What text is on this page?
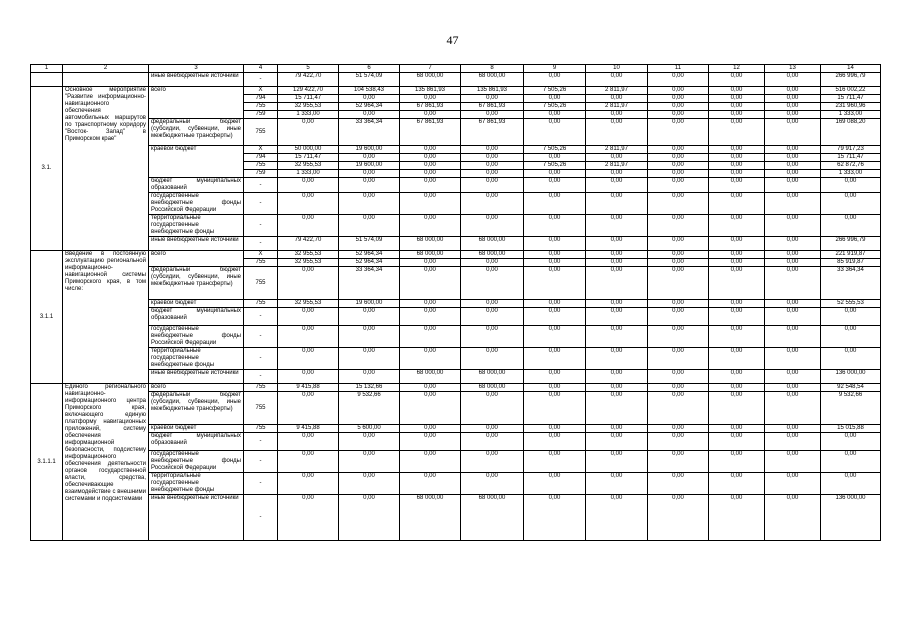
47
1	2	3	4	5	6	7	8	9	10	11	12	13	14
		иные внебюджетные источники	-	79 422,70	51 574,09	68 000,00	68 000,00	0,00	0,00	0,00	0,00	0,00	266 996,79
3.1.	Основное мероприятие "Развитие информационно-навигационного обеспечения автомобильных маршрутов по транспортному коридору "Восток- Запад" в Приморском крае"	всего	X	129 422,70	104 538,43	135 861,93	135 861,93	7 505,26	2 811,97	0,00	0,00	0,00	516 002,22
			794	15 711,47	0,00	0,00	0,00	0,00	0,00	0,00	0,00	0,00	15 711,47
			755	32 955,53	52 964,34	67 861,93	67 861,93	7 505,26	2 811,97	0,00	0,00	0,00	231 960,96
			759	1 333,00	0,00	0,00	0,00	0,00	0,00	0,00	0,00	0,00	1 333,00
		федеральный бюджет (субсидии, субвенции, иные межбюджетные трансферты)	755	0,00	33 364,34	67 861,93	67 861,93	0,00	0,00	0,00	0,00	0,00	169 088,20
		краевой бюджет	X	50 000,00	19 600,00	0,00	0,00	7 505,26	2 811,97	0,00	0,00	0,00	79 917,23
			794	15 711,47	0,00	0,00	0,00	0,00	0,00	0,00	0,00	0,00	15 711,47
			755	32 955,53	19 600,00	0,00	0,00	7 505,26	2 811,97	0,00	0,00	0,00	62 872,76
			759	1 333,00	0,00	0,00	0,00	0,00	0,00	0,00	0,00	0,00	1 333,00
		бюджет муниципальных образований	-	0,00	0,00	0,00	0,00	0,00	0,00	0,00	0,00	0,00	0,00
		государственные внебюджетные фонды Российской Федерации	-	0,00	0,00	0,00	0,00	0,00	0,00	0,00	0,00	0,00	0,00
		территориальные государственные внебюджетные фонды	-	0,00	0,00	0,00	0,00	0,00	0,00	0,00	0,00	0,00	0,00
		иные внебюджетные источники	-	79 422,70	51 574,09	68 000,00	68 000,00	0,00	0,00	0,00	0,00	0,00	266 996,79
3.1.1	Введение в постоянную эксплуатацию региональной информационно-навигационной системы Приморского края, в том числе:	всего	X	32 955,53	52 964,34	68 000,00	68 000,00	0,00	0,00	0,00	0,00	0,00	221 919,87
			755	32 955,53	52 964,34	0,00	0,00	0,00	0,00	0,00	0,00	0,00	85 919,87
		федеральный бюджет (субсидии, субвенции, иные межбюджетные трансферты)	755	0,00	33 364,34	0,00	0,00	0,00	0,00	0,00	0,00	0,00	33 364,34
		краевой бюджет	755	32 955,53	19 600,00	0,00	0,00	0,00	0,00	0,00	0,00	0,00	52 555,53
		бюджет муниципальных образований	-	0,00	0,00	0,00	0,00	0,00	0,00	0,00	0,00	0,00	0,00
		государственные внебюджетные фонды Российской Федерации	-	0,00	0,00	0,00	0,00	0,00	0,00	0,00	0,00	0,00	0,00
		территориальные государственные внебюджетные фонды	-	0,00	0,00	0,00	0,00	0,00	0,00	0,00	0,00	0,00	0,00
		иные внебюджетные источники	-	0,00	0,00	68 000,00	68 000,00	0,00	0,00	0,00	0,00	0,00	136 000,00
3.1.1.1	Единого регионального навигационно-информационного центра Приморского края, включающего единую платформу навигационных приложений, систему обеспечения информационной безопасности, подсистему информационного обеспечения деятельности органов государственной власти, средства, обеспечивающие взаимодействие с внешними системами и подсистемами	всего	755	9 415,88	15 132,66	0,00	68 000,00	0,00	0,00	0,00	0,00	0,00	92 548,54
		федеральный бюджет (субсидии, субвенции, иные межбюджетные трансферты)	755	0,00	9 532,66	0,00	0,00	0,00	0,00	0,00	0,00	0,00	9 532,66
		краевой бюджет	755	9 415,88	5 600,00	0,00	0,00	0,00	0,00	0,00	0,00	0,00	15 015,88
		бюджет муниципальных образований	-	0,00	0,00	0,00	0,00	0,00	0,00	0,00	0,00	0,00	0,00
		государственные внебюджетные фонды Российской Федерации	-	0,00	0,00	0,00	0,00	0,00	0,00	0,00	0,00	0,00	0,00
		территориальные государственные внебюджетные фонды	-	0,00	0,00	0,00	0,00	0,00	0,00	0,00	0,00	0,00	0,00
		иные внебюджетные источники	-	0,00	0,00	68 000,00	68 000,00	0,00	0,00	0,00	0,00	0,00	136 000,00
